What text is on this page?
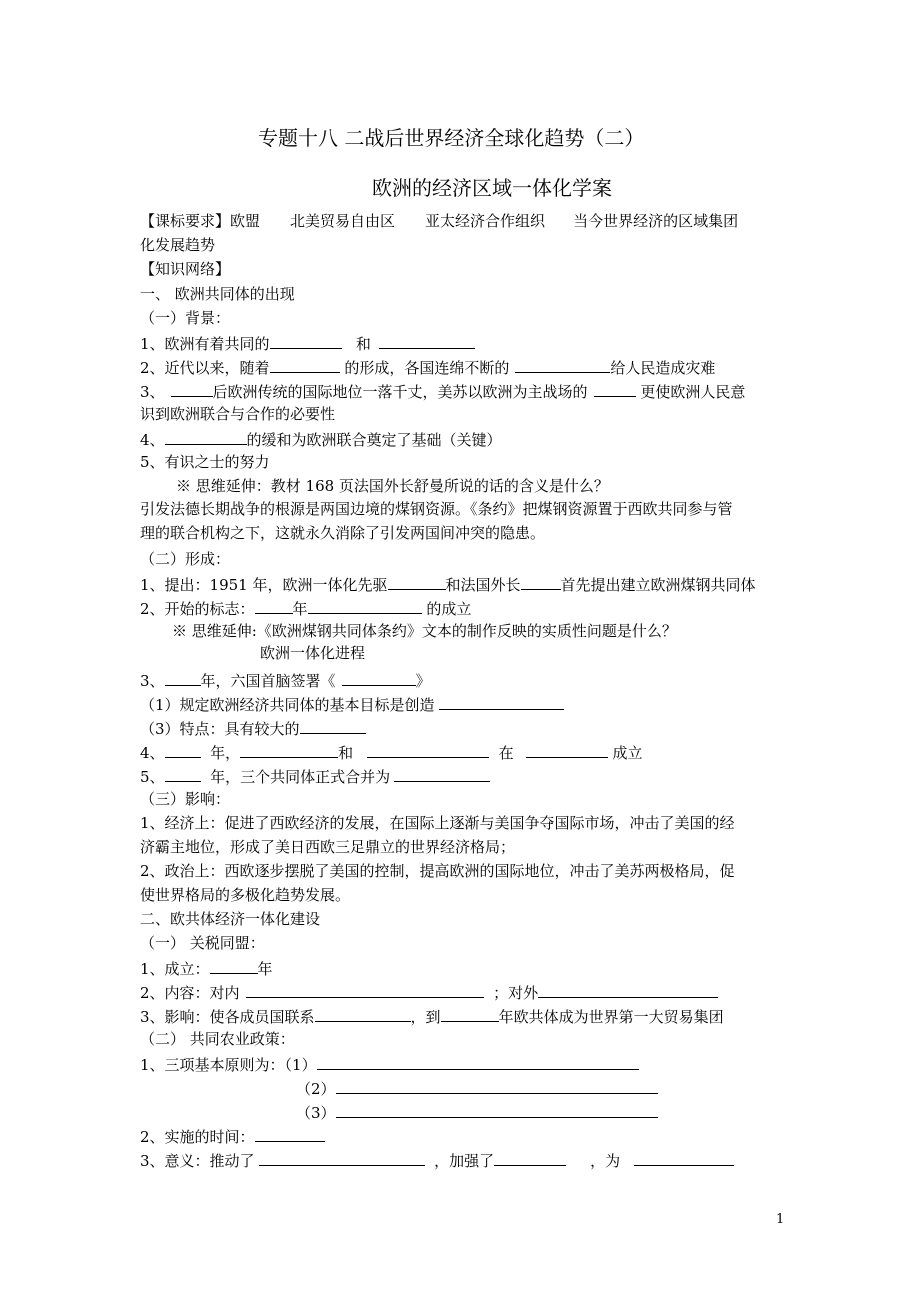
专题十八 二战后世界经济全球化趋势（二）
欧洲的经济区域一体化学案
【课标要求】欧盟 北美贸易自由区 亚太经济合作组织 当今世界经济的区域集团
化发展趋势
【知识网络】
一、 欧洲共同体的出现
（一）背景：
1、欧洲有着共同的	和
2、近代以来，随着	的形成，各国连绵不断的	给人民造成灾难
3、	后欧洲传统的国际地位一落千丈，美苏以欧洲为主战场的	更使欧洲人民意
识到欧洲联合与合作的必要性
4、	的缓和为欧洲联合奠定了基础（关键）
5、有识之士的努力
※ 思维延伸：教材 168 页法国外长舒曼所说的话的含义是什么？
引发法德长期战争的根源是两国边境的煤钢资源。《条约》把煤钢资源置于西欧共同参与管
理的联合机构之下，这就永久消除了引发两国间冲突的隐患。
（二）形成：
1、提出：1951 年，欧洲一体化先驱	和法国外长	首先提出建立欧洲煤钢共同体
2、开始的标志：	年	的成立
※ 思维延伸:《欧洲煤钢共同体条约》文本的制作反映的实质性问题是什么？
欧洲一体化进程
3、 年，六国首脑签署《	》
（1）规定欧洲经济共同体的基本目标是创造
（3）特点：具有较大的
4、	年，	和	在	成立
5、	年，三个共同体正式合并为
（三）影响：
1、经济上：促进了西欧经济的发展，在国际上逐渐与美国争夺国际市场，冲击了美国的经
济霸主地位，形成了美日西欧三足鼎立的世界经济格局；
2、政治上：西欧逐步摆脱了美国的控制，提高欧洲的国际地位，冲击了美苏两极格局，促
使世界格局的多极化趋势发展。
二、欧共体经济一体化建设
（一） 关税同盟：
1、成立：	年
2、内容：对内	；对外
3、影响：使各成员国联系	，到	年欧共体成为世界第一大贸易集团
（二） 共同农业政策：
1、三项基本原则为：（1）
（2）
（3）
2、实施的时间：
3、意义：推动了	，加强了	，为
1
